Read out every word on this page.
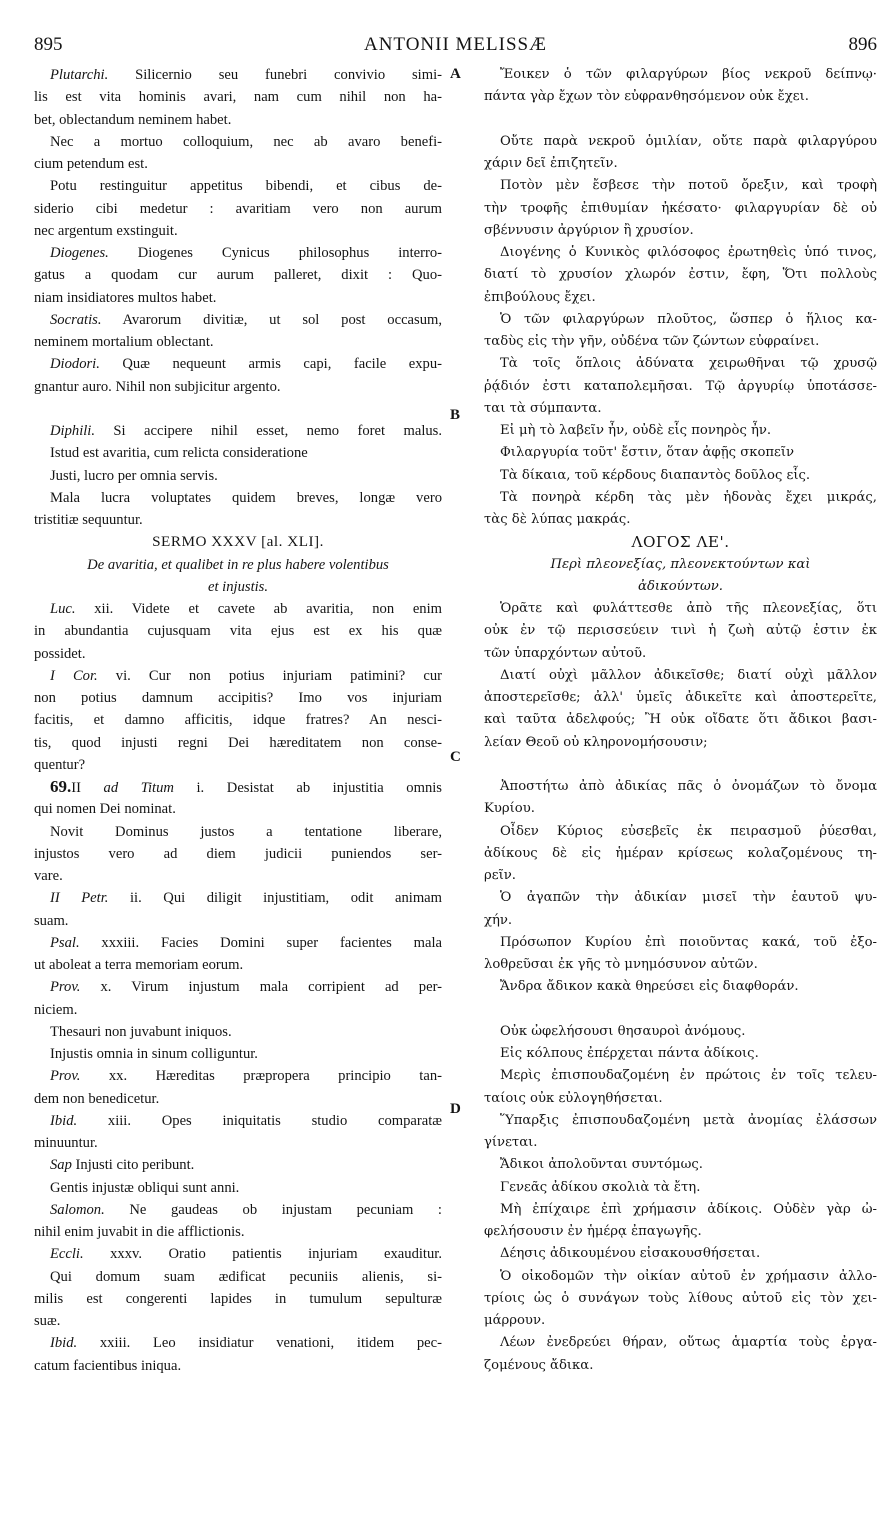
895	ANTONII MELISSÆ	896
A
B
C
D
Plutarchi. Silicernio seu funebri convivio simi-
lis est vita hominis avari, nam cum nihil non ha-
bet, oblectandum neminem habet.
Nec a mortuo colloquium, nec ab avaro benefi-
cium petendum est.
Potu restinguitur appetitus bibendi, et cibus de-
siderio cibi medetur : avaritiam vero non aurum
nec argentum exstinguit.
Diogenes. Diogenes Cynicus philosophus interro-
gatus a quodam cur aurum palleret, dixit : Quo-
niam insidiatores multos habet.
Socratis. Avarorum divitiæ, ut sol post occasum,
neminem mortalium oblectant.
Diodori. Quæ nequeunt armis capi, facile expu-
gnantur auro. Nihil non subjicitur argento.
Diphili. Si accipere nihil esset, nemo foret malus.
Istud est avaritia, cum relicta consideratione
Justi, lucro per omnia servis.
Mala lucra voluptates quidem breves, longæ vero
tristitiæ sequuntur.
SERMO XXXV [al. XLI].
De avaritia, et qualibet in re plus habere volentibus
et injustis.
Luc. xii. Videte et cavete ab avaritia, non enim
in abundantia cujusquam vita ejus est ex his quæ
possidet.
I Cor. vi. Cur non potius injuriam patimini? cur
non potius damnum accipitis? Imo vos injuriam
facitis, et damno afficitis, idque fratres? An nesci-
tis, quod injusti regni Dei hæreditatem non conse-
quentur?
69.II ad Titum i. Desistat ab injustitia omnis
qui nomen Dei nominat.
Novit Dominus justos a tentatione liberare,
injustos vero ad diem judicii puniendos ser-
vare.
II Petr. ii. Qui diligit injustitiam, odit animam
suam.
Psal. xxxiii. Facies Domini super facientes mala
ut aboleat a terra memoriam eorum.
Prov. x. Virum injustum mala corripient ad per-
niciem.
Thesauri non juvabunt iniquos.
Injustis omnia in sinum colliguntur.
Prov. xx. Hæreditas præpropera principio tan-
dem non benedicetur.
Ibid. xiii. Opes iniquitatis studio comparatæ
minuuntur.
Sap Injusti cito peribunt.
Gentis injustæ obliqui sunt anni.
Salomon. Ne gaudeas ob injustam pecuniam :
nihil enim juvabit in die afflictionis.
Eccli. xxxv. Oratio patientis injuriam exauditur.
Qui domum suam ædificat pecuniis alienis, si-
milis est congerenti lapides in tumulum sepulturæ
suæ.
Ibid. xxiii. Leo insidiatur venationi, itidem pec-
catum facientibus iniqua.
Ἔοικεν ὁ τῶν φιλαργύρων βίος νεκροῦ δείπνῳ·
πάντα γὰρ ἔχων τὸν εὐφρανθησόμενον οὐκ ἔχει.
Οὔτε παρὰ νεκροῦ ὁμιλίαν, οὔτε παρὰ φιλαργύρου
χάριν δεῖ ἐπιζητεῖν.
Ποτὸν μὲν ἔσβεσε τὴν ποτοῦ ὄρεξιν, καὶ τροφὴ
τὴν τροφῆς ἐπιθυμίαν ἠκέσατο· φιλαργυρίαν δὲ οὐ
σβέννυσιν ἀργύριον ἢ χρυσίον.
Διογένης ὁ Κυνικὸς φιλόσοφος ἐρωτηθεὶς ὑπό τινος,
διατί τὸ χρυσίον χλωρόν ἐστιν, ἔφη, Ὅτι πολλοὺς
ἐπιβούλους ἔχει.
Ὁ τῶν φιλαργύρων πλοῦτος, ὥσπερ ὁ ἥλιος κα-
ταδὺς εἰς τὴν γῆν, οὐδένα τῶν ζώντων εὐφραίνει.
Τὰ τοῖς ὅπλοις ἀδύνατα χειρωθῆναι τῷ χρυσῷ
ῥᾴδιόν ἐστι καταπολεμῆσαι. Τῷ ἀργυρίῳ ὑποτάσσε-
ται τὰ σύμπαντα.
Εἰ μὴ τὸ λαβεῖν ἦν, οὐδὲ εἷς πονηρὸς ἦν.
Φιλαργυρία τοῦτ' ἔστιν, ὅταν ἀφῇς σκοπεῖν
Τὰ δίκαια, τοῦ κέρδους διαπαντὸς δοῦλος εἷς.
Τὰ πονηρὰ κέρδη τὰς μὲν ἡδονὰς ἔχει μικράς,
τὰς δὲ λύπας μακράς.
ΛΟΓΟΣ ΛΕ'.
Περὶ πλεονεξίας, πλεονεκτούντων καὶ
ἀδικούντων.
Ὁρᾶτε καὶ φυλάττεσθε ἀπὸ τῆς πλεονεξίας, ὅτι
οὐκ ἐν τῷ περισσεύειν τινὶ ἡ ζωὴ αὐτῷ ἐστιν ἐκ
τῶν ὑπαρχόντων αὐτοῦ.
Διατί οὐχὶ μᾶλλον ἀδικεῖσθε; διατί οὐχὶ μᾶλλον
ἀποστερεῖσθε; ἀλλ' ὑμεῖς ἀδικεῖτε καὶ ἀποστερεῖτε,
καὶ ταῦτα ἀδελφούς; Ἢ οὐκ οἴδατε ὅτι ἄδικοι βασι-
λείαν Θεοῦ οὐ κληρονομήσουσιν;
Ἀποστήτω ἀπὸ ἀδικίας πᾶς ὁ ὀνομάζων τὸ ὄνομα
Κυρίου.
Οἶδεν Κύριος εὐσεβεῖς ἐκ πειρασμοῦ ῥύεσθαι,
ἀδίκους δὲ εἰς ἡμέραν κρίσεως κολαζομένους τη-
ρεῖν.
Ὁ ἀγαπῶν τὴν ἀδικίαν μισεῖ τὴν ἑαυτοῦ ψυ-
χήν.
Πρόσωπον Κυρίου ἐπὶ ποιοῦντας κακά, τοῦ ἐξο-
λοθρεῦσαι ἐκ γῆς τὸ μνημόσυνον αὐτῶν.
Ἄνδρα ἄδικον κακὰ θηρεύσει εἰς διαφθοράν.
Οὐκ ὠφελήσουσι θησαυροὶ ἀνόμους.
Εἰς κόλπους ἐπέρχεται πάντα ἀδίκοις.
Μερὶς ἐπισπουδαζομένη ἐν πρώτοις ἐν τοῖς τελευ-
ταίοις οὐκ εὐλογηθήσεται.
Ὕπαρξις ἐπισπουδαζομένη μετὰ ἀνομίας ἐλάσσων
γίνεται.
Ἄδικοι ἀπολοῦνται συντόμως.
Γενεᾶς ἀδίκου σκολιὰ τὰ ἔτη.
Μὴ ἐπίχαιρε ἐπὶ χρήμασιν ἀδίκοις. Οὐδὲν γὰρ ὠ-
φελήσουσιν ἐν ἡμέρᾳ ἐπαγωγῆς.
Δέησις ἀδικουμένου εἰσακουσθήσεται.
Ὁ οἰκοδομῶν τὴν οἰκίαν αὐτοῦ ἐν χρήμασιν ἀλλο-
τρίοις ὡς ὁ συνάγων τοὺς λίθους αὐτοῦ εἰς τὸν χει-
μάρρουν.
Λέων ἐνεδρεύει θήραν, οὕτως ἁμαρτία τοὺς ἐργα-
ζομένους ἄδικα.
